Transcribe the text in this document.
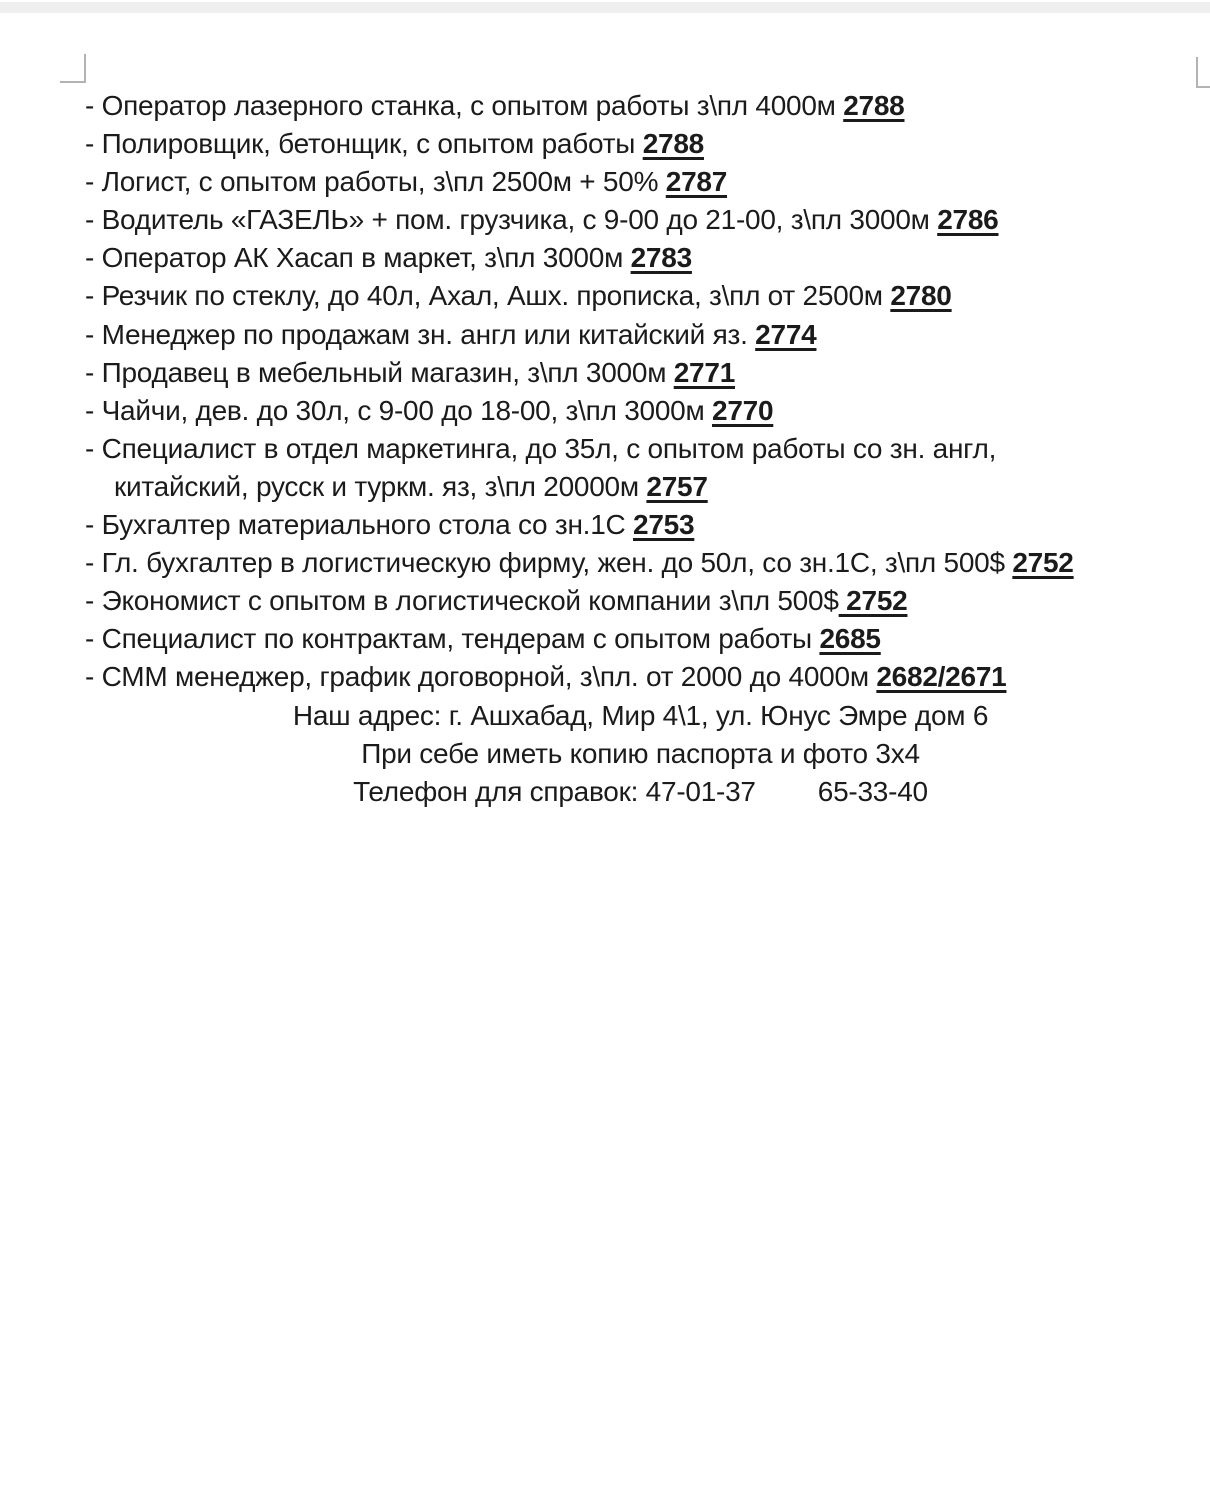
- Оператор лазерного станка, с опытом работы з\пл 4000м 2788
- Полировщик, бетонщик, с опытом работы 2788
- Логист, с опытом работы, з\пл 2500м + 50% 2787
- Водитель «ГАЗЕЛЬ» + пом. грузчика, с 9-00 до 21-00, з\пл 3000м 2786
- Оператор АК Хасап в маркет, з\пл 3000м 2783
- Резчик по стеклу, до 40л, Ахал, Ашх. прописка, з\пл от 2500м 2780
- Менеджер по продажам зн. англ или китайский яз. 2774
- Продавец в мебельный магазин, з\пл 3000м 2771
- Чайчи, дев. до 30л, с 9-00 до 18-00, з\пл 3000м 2770
- Специалист в отдел маркетинга, до 35л, с опытом работы со зн. англ,
китайский, русск и туркм. яз, з\пл 20000м 2757
- Бухгалтер материального стола со зн.1С 2753
- Гл. бухгалтер в логистическую фирму, жен. до 50л, со зн.1С, з\пл 500$ 2752
- Экономист с опытом в логистической компании з\пл 500$ 2752
- Специалист по контрактам, тендерам с опытом работы 2685
- СММ менеджер, график договорной, з\пл. от 2000 до 4000м 2682/2671
Наш адрес: г. Ашхабад, Мир 4\1, ул. Юнус Эмре дом 6
При себе иметь копию паспорта и фото 3х4
Телефон для справок: 47-01-37 65-33-40
